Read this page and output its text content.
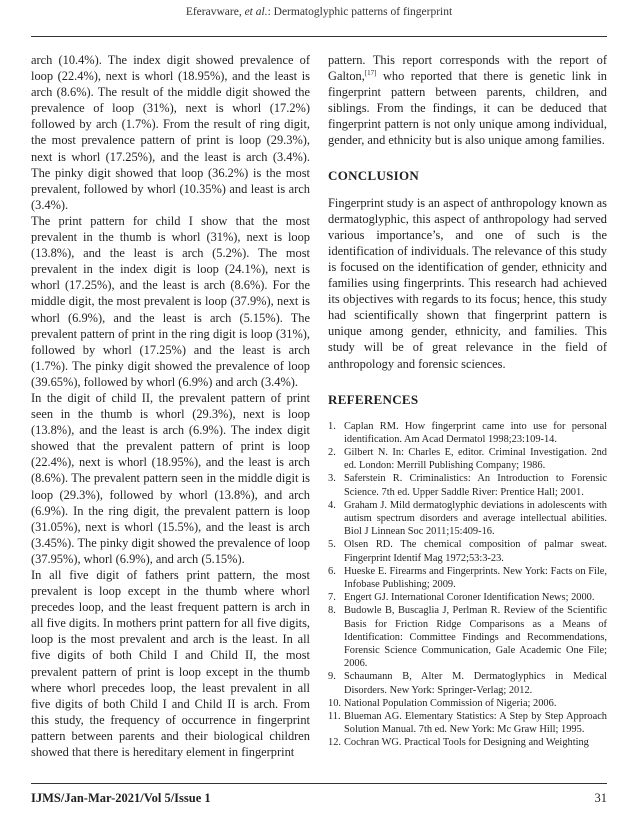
Eferavware, et al.: Dermatoglyphic patterns of fingerprint

arch (10.4%). The index digit showed prevalence of loop (22.4%), next is whorl (18.95%), and the least is arch (8.6%). The result of the middle digit showed the prevalence of loop (31%), next is whorl (17.2%) followed by arch (1.7%). From the result of ring digit, the most prevalence pattern of print is loop (29.3%), next is whorl (17.25%), and the least is arch (3.4%). The pinky digit showed that loop (36.2%) is the most prevalent, followed by whorl (10.35%) and least is arch (3.4%).

The print pattern for child I show that the most prevalent in the thumb is whorl (31%), next is loop (13.8%), and the least is arch (5.2%). The most prevalent in the index digit is loop (24.1%), next is whorl (17.25%), and the least is arch (8.6%). For the middle digit, the most prevalent is loop (37.9%), next is whorl (6.9%), and the least is arch (5.15%). The prevalent pattern of print in the ring digit is loop (31%), followed by whorl (17.25%) and the least is arch (1.7%). The pinky digit showed the prevalence of loop (39.65%), followed by whorl (6.9%) and arch (3.4%).

In the digit of child II, the prevalent pattern of print seen in the thumb is whorl (29.3%), next is loop (13.8%), and the least is arch (6.9%). The index digit showed that the prevalent pattern of print is loop (22.4%), next is whorl (18.95%), and the least is arch (8.6%). The prevalent pattern seen in the middle digit is loop (29.3%), followed by whorl (13.8%), and arch (6.9%). In the ring digit, the prevalent pattern is loop (31.05%), next is whorl (15.5%), and the least is arch (3.45%). The pinky digit showed the prevalence of loop (37.95%), whorl (6.9%), and arch (5.15%).

In all five digit of fathers print pattern, the most prevalent is loop except in the thumb where whorl precedes loop, and the least frequent pattern is arch in all five digits. In mothers print pattern for all five digits, loop is the most prevalent and arch is the least. In all five digits of both Child I and Child II, the most prevalent pattern of print is loop except in the thumb where whorl precedes loop, the least prevalent in all five digits of both Child I and Child II is arch. From this study, the frequency of occurrence in fingerprint pattern between parents and their biological children showed that there is hereditary element in fingerprint

pattern. This report corresponds with the report of Galton,[17] who reported that there is genetic link in fingerprint pattern between parents, children, and siblings. From the findings, it can be deduced that fingerprint pattern is not only unique among individual, gender, and ethnicity but is also unique among families.

CONCLUSION

Fingerprint study is an aspect of anthropology known as dermatoglyphic, this aspect of anthropology had served various importance’s, and one of such is the identification of individuals. The relevance of this study is focused on the identification of gender, ethnicity and families using fingerprints. This research had achieved its objectives with regards to its focus; hence, this study had scientifically shown that fingerprint pattern is unique among gender, ethnicity, and families. This study will be of great relevance in the field of anthropology and forensic sciences.

REFERENCES
1. Caplan RM. How fingerprint came into use for personal identification. Am Acad Dermatol 1998;23:109-14.
2. Gilbert N. In: Charles E, editor. Criminal Investigation. 2nd ed. London: Merrill Publishing Company; 1986.
3. Saferstein R. Criminalistics: An Introduction to Forensic Science. 7th ed. Upper Saddle River: Prentice Hall; 2001.
4. Graham J. Mild dermatoglyphic deviations in adolescents with autism spectrum disorders and average intellectual abilities. Biol J Linnean Soc 2011;15:409-16.
5. Olsen RD. The chemical composition of palmar sweat. Fingerprint Identif Mag 1972;53:3-23.
6. Hueske E. Firearms and Fingerprints. New York: Facts on File, Infobase Publishing; 2009.
7. Engert GJ. International Coroner Identification News; 2000.
8. Budowle B, Buscaglia J, Perlman R. Review of the Scientific Basis for Friction Ridge Comparisons as a Means of Identification: Committee Findings and Recommendations, Forensic Science Communication, Gale Academic One File; 2006.
9. Schaumann B, Alter M. Dermatoglyphics in Medical Disorders. New York: Springer-Verlag; 2012.
10. National Population Commission of Nigeria; 2006.
11. Blueman AG. Elementary Statistics: A Step by Step Approach Solution Manual. 7th ed. New York: Mc Graw Hill; 1995.
12. Cochran WG. Practical Tools for Designing and Weighting
IJMS/Jan-Mar-2021/Vol 5/Issue 1	31
